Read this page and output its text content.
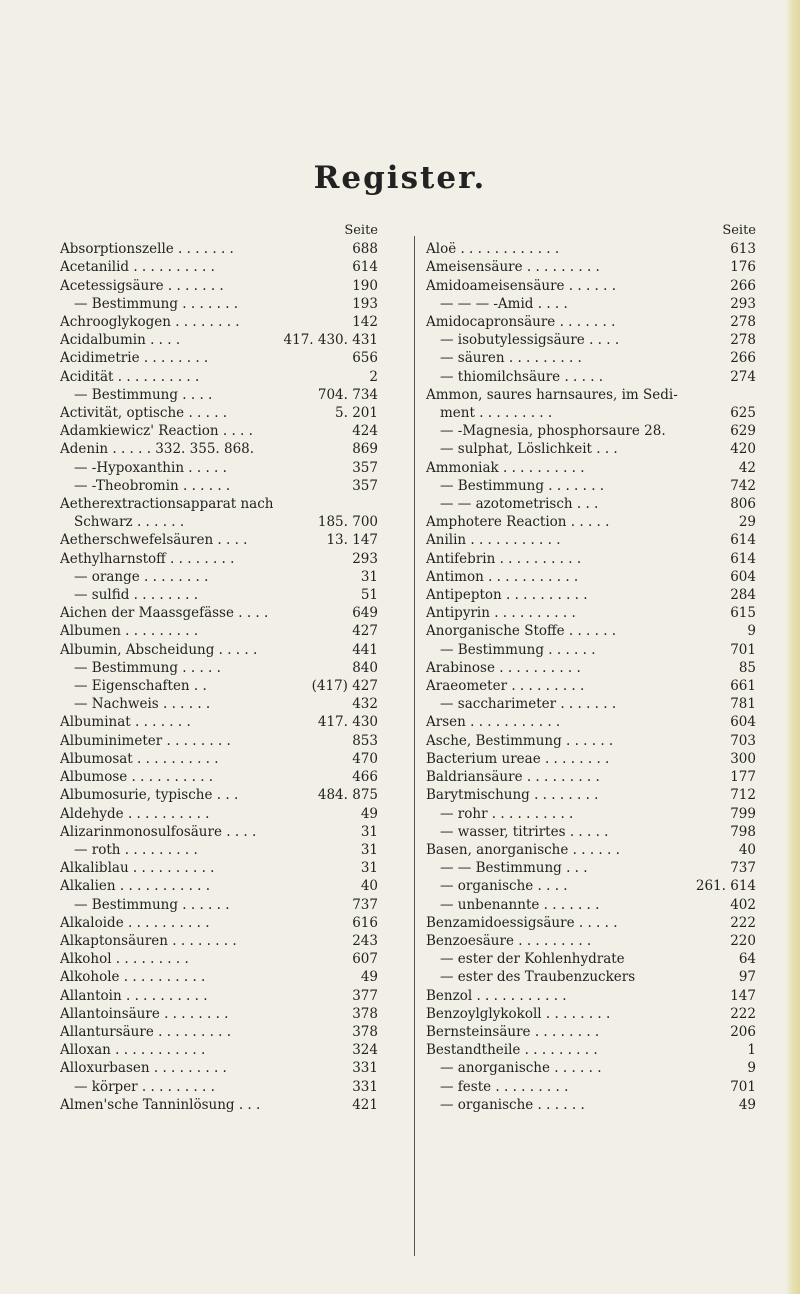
Register.
Seite
Absorptionszelle . . . . . . .	688
Acetanilid . . . . . . . . . .	614
Acetessigsäure . . . . . . .	190
— Bestimmung . . . . . . .	193
Achrooglykogen . . . . . . . .	142
Acidalbumin . . . .	417. 430. 431
Acidimetrie . . . . . . . .	656
Acidität . . . . . . . . . .	2
— Bestimmung . . . .	704. 734
Activität, optische . . . . .	5. 201
Adamkiewicz' Reaction . . . .	424
Adenin . . . . . 332. 355. 868.	869
— -Hypoxanthin . . . . .	357
— -Theobromin . . . . . .	357
Aetherextractionsapparat nach
Schwarz . . . . . .	185. 700
Aetherschwefelsäuren . . . .	13. 147
Aethylharnstoff . . . . . . . .	293
— orange . . . . . . . .	31
— sulfid . . . . . . . .	51
Aichen der Maassgefässe . . . .	649
Albumen . . . . . . . . .	427
Albumin, Abscheidung . . . . .	441
— Bestimmung . . . . .	840
— Eigenschaften . .	(417) 427
— Nachweis . . . . . .	432
Albuminat . . . . . . .	417. 430
Albuminimeter . . . . . . . .	853
Albumosat . . . . . . . . . .	470
Albumose . . . . . . . . . .	466
Albumosurie, typische . . .	484. 875
Aldehyde . . . . . . . . . .	49
Alizarinmonosulfosäure . . . .	31
— roth . . . . . . . . .	31
Alkaliblau . . . . . . . . . .	31
Alkalien . . . . . . . . . . .	40
— Bestimmung . . . . . .	737
Alkaloide . . . . . . . . . .	616
Alkaptonsäuren . . . . . . . .	243
Alkohol . . . . . . . . .	607
Alkohole . . . . . . . . . .	49
Allantoin . . . . . . . . . .	377
Allantoinsäure . . . . . . . .	378
Allantursäure . . . . . . . . .	378
Alloxan . . . . . . . . . . .	324
Alloxurbasen . . . . . . . . .	331
— körper . . . . . . . . .	331
Almen'sche Tanninlösung . . .	421
Seite
Aloë . . . . . . . . . . . .	613
Ameisensäure . . . . . . . . .	176
Amidoameisensäure . . . . . .	266
— — — -Amid . . . .	293
Amidocapronsäure . . . . . . .	278
— isobutylessigsäure . . . .	278
— säuren . . . . . . . . .	266
— thiomilchsäure . . . . .	274
Ammon, saures harnsaures, im Sedi-
ment . . . . . . . . .	625
— -Magnesia, phosphorsaure 28.	629
— sulphat, Löslichkeit . . .	420
Ammoniak . . . . . . . . . .	42
— Bestimmung . . . . . . .	742
— — azotometrisch . . .	806
Amphotere Reaction . . . . .	29
Anilin . . . . . . . . . . .	614
Antifebrin . . . . . . . . . .	614
Antimon . . . . . . . . . . .	604
Antipepton . . . . . . . . . .	284
Antipyrin . . . . . . . . . .	615
Anorganische Stoffe . . . . . .	9
— Bestimmung . . . . . .	701
Arabinose . . . . . . . . . .	85
Araeometer . . . . . . . . .	661
— saccharimeter . . . . . . .	781
Arsen . . . . . . . . . . .	604
Asche, Bestimmung . . . . . .	703
Bacterium ureae . . . . . . . .	300
Baldriansäure . . . . . . . . .	177
Barytmischung . . . . . . . .	712
— rohr . . . . . . . . . .	799
— wasser, titrirtes . . . . .	798
Basen, anorganische . . . . . .	40
— — Bestimmung . . .	737
— organische . . . .	261. 614
— unbenannte . . . . . . .	402
Benzamidoessigsäure . . . . .	222
Benzoesäure . . . . . . . . .	220
— ester der Kohlenhydrate	64
— ester des Traubenzuckers	97
Benzol . . . . . . . . . . .	147
Benzoylglykokoll . . . . . . . .	222
Bernsteinsäure . . . . . . . .	206
Bestandtheile . . . . . . . . .	1
— anorganische . . . . . .	9
— feste . . . . . . . . .	701
— organische . . . . . .	49
